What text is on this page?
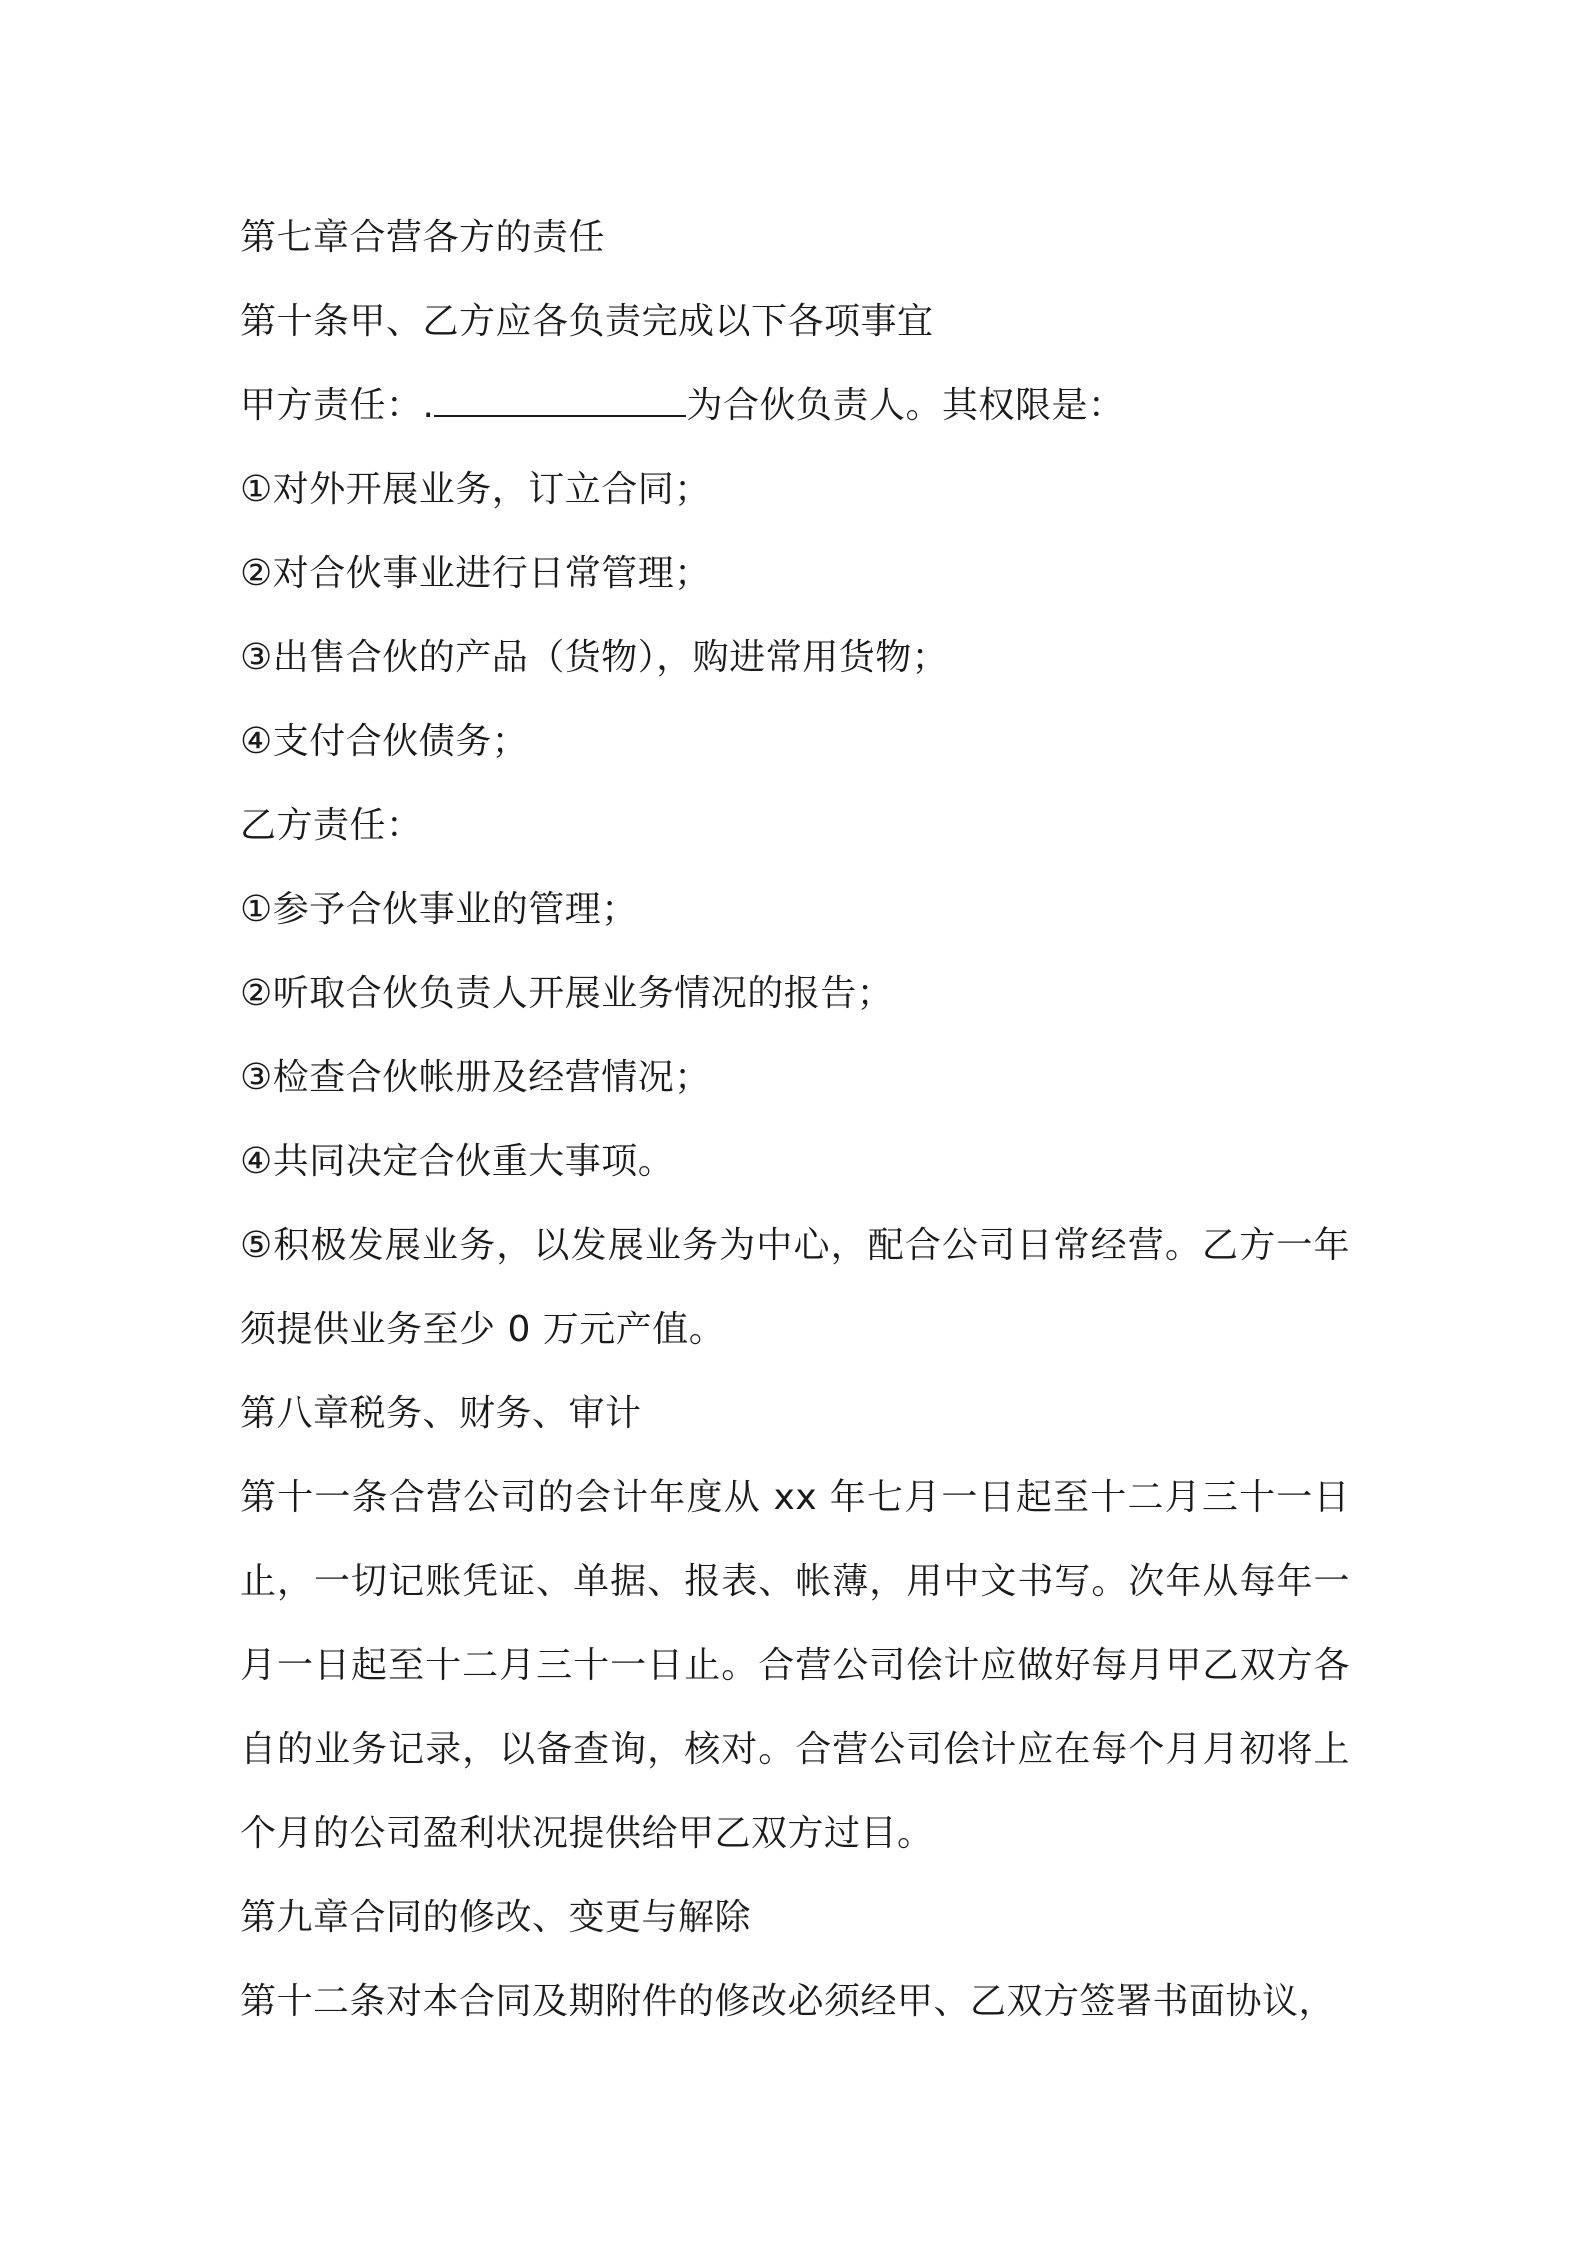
第七章合营各方的责任
第十条甲、乙方应各负责完成以下各项事宜
甲方责任：.	为合伙负责人。其权限是：
①对外开展业务，订立合同；
②对合伙事业进行日常管理；
③出售合伙的产品（货物），购进常用货物；
④支付合伙债务；
乙方责任：
①参予合伙事业的管理；
②听取合伙负责人开展业务情况的报告；
③检查合伙帐册及经营情况；
④共同决定合伙重大事项。
⑤积极发展业务，以发展业务为中心，配合公司日常经营。乙方一年须提供业务至少 0 万元产值。
第八章税务、财务、审计
第十一条合营公司的会计年度从 xx 年七月一日起至十二月三十一日止，一切记账凭证、单据、报表、帐薄，用中文书写。次年从每年一月一日起至十二月三十一日止。合营公司侩计应做好每月甲乙双方各自的业务记录，以备查询，核对。合营公司侩计应在每个月月初将上个月的公司盈利状况提供给甲乙双方过目。
第九章合同的修改、变更与解除
第十二条对本合同及期附件的修改必须经甲、乙双方签署书面协议，
